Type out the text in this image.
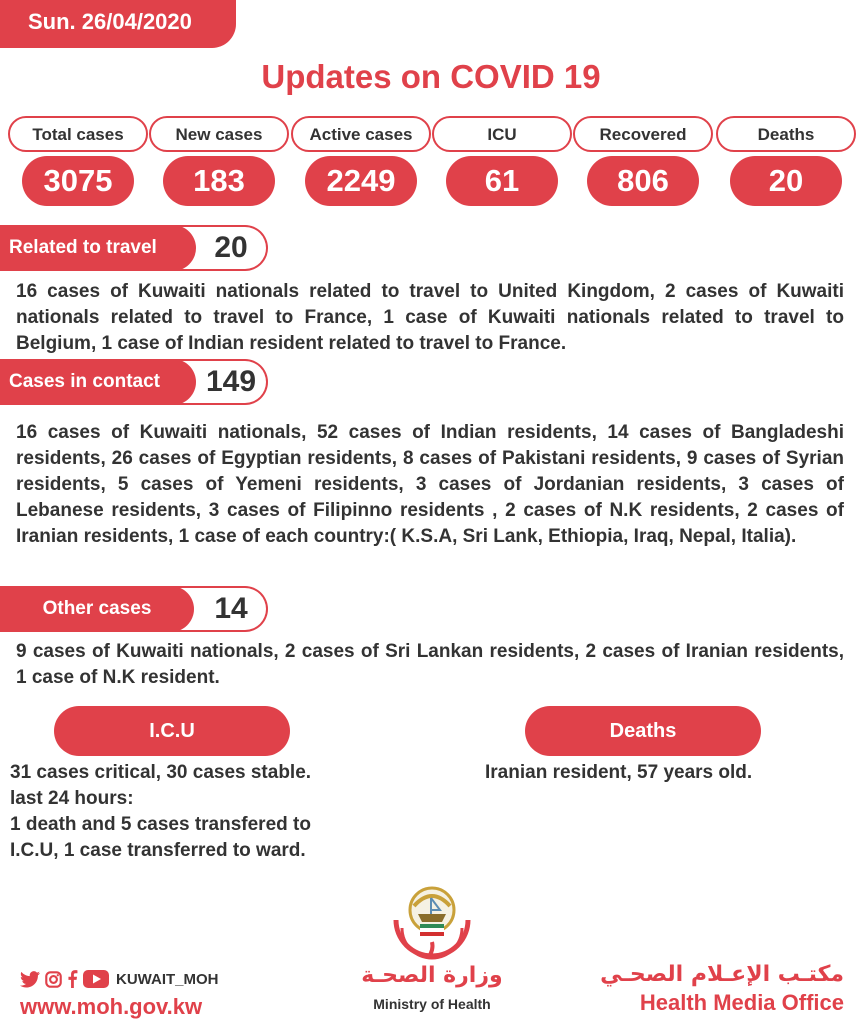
Sun. 26/04/2020
Updates on COVID 19
Total cases
3075
New cases
183
Active cases
2249
ICU
61
Recovered
806
Deaths
20
Related to travel	20
16 cases of Kuwaiti nationals related to travel to United Kingdom, 2 cases of Kuwaiti nationals related to travel to France, 1 case of Kuwaiti nationals related to travel to Belgium, 1 case of Indian resident related to travel to France.
Cases in contact	149
16 cases of Kuwaiti nationals, 52 cases of Indian residents, 14 cases of Bangladeshi residents, 26 cases of Egyptian residents, 8 cases of Pakistani residents, 9 cases of Syrian residents, 5 cases of Yemeni residents, 3 cases of Jordanian residents, 3 cases of Lebanese residents, 3 cases of Filipinno residents , 2 cases of N.K residents, 2 cases of Iranian residents, 1 case of each country:( K.S.A, Sri Lank, Ethiopia, Iraq, Nepal, Italia).
Other cases	14
9 cases of Kuwaiti nationals, 2 cases of Sri Lankan residents, 2 cases of Iranian residents, 1 case of N.K resident.
I.C.U
31 cases critical, 30 cases stable.
last 24 hours:
1 death and 5 cases transfered to
I.C.U, 1 case transferred to ward.
Deaths
Iranian resident, 57 years old.
KUWAIT_MOH
www.moh.gov.kw
وزارة الصحـة
Ministry of Health
مكتـب الإعـلام الصحـي
Health Media Office
